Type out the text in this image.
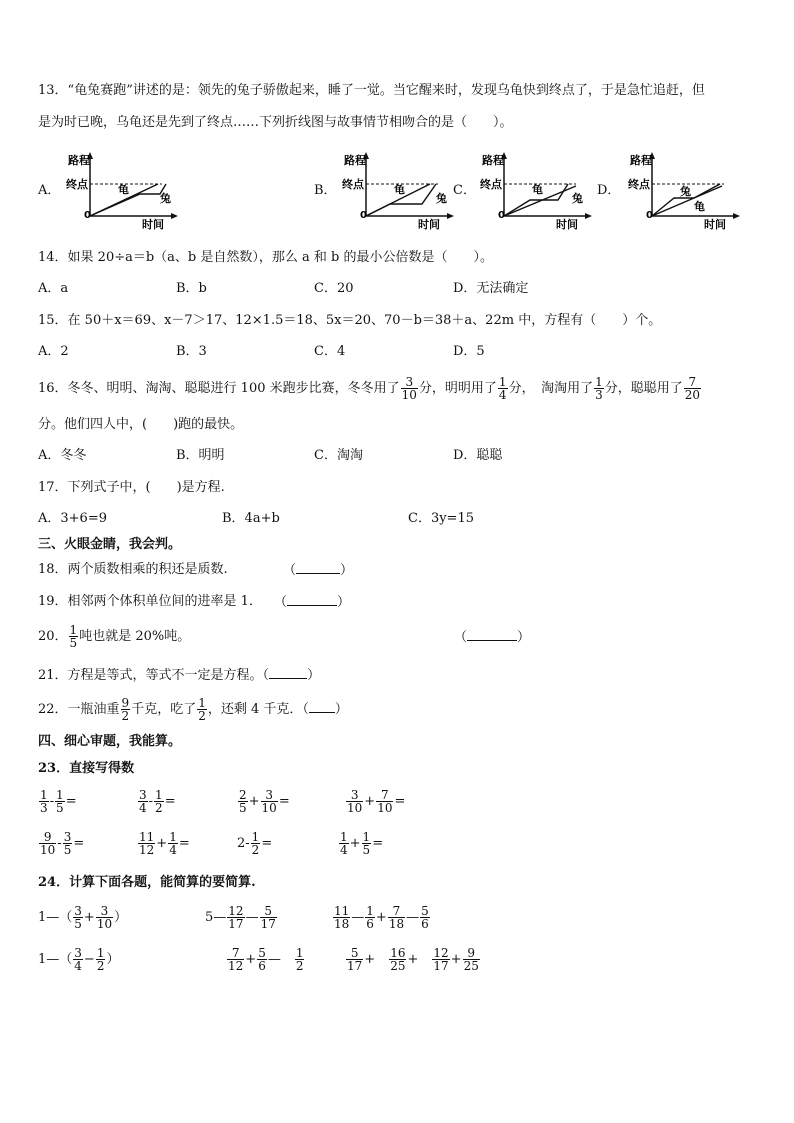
13．“龟兔赛跑”讲述的是：领先的兔子骄傲起来，睡了一觉。当它醒来时，发现乌龟快到终点了，于是急忙追赶，但
是为时已晚，乌龟还是先到了终点……下列折线图与故事情节相吻合的是（　　）。
A．
路程
终点	龟
兔
0
时间
B．
路程
终点	龟
兔
0
时间
C．
路程
终点	龟
兔
0
时间
D．
路程
终点
兔
龟
0
时间
14．如果 20÷a＝b（a、b 是自然数），那么 a 和 b 的最小公倍数是（　　）。
A．a	B．b	C．20	D．无法确定
15．在 50＋x＝69、x－7＞17、12×1.5＝18、5x＝20、70－b＝38＋a、22m 中，方程有（　　）个。
A．2	B．3	C．4	D．5
16．冬冬、明明、淘淘、聪聪进行 100 米跑步比赛，冬冬用了 $\frac{3}{10}$ 分，明明用了 $\frac{1}{4}$ 分，　淘淘用了 $\frac{1}{3}$ 分，聪聪用了 $\frac{7}{20}$
分。他们四人中，(　　)跑的最快。
A．冬冬	B．明明	C．淘淘	D．聪聪
17．下列式子中，(　　)是方程.
A．3+6=9	B．4a+b	C．3y=15
三、火眼金睛，我会判。
18．两个质数相乘的积还是质数.	（	）
19．相邻两个体积单位间的进率是 1． （	）
20． $\frac{1}{5}$ 吨也就是 20%吨。	（	）
21．方程是等式，等式不一定是方程。（	）
22．一瓶油重 $\frac{9}{2}$ 千克，吃了 $\frac{1}{2}$ ，还剩 4 千克．（ ）
四、细心审题，我能算。
23．直接写得数
$\frac{1}{3} - \frac{1}{5}$ =	$\frac{3}{4} - \frac{1}{2}$ =	$\frac{2}{5} + \frac{3}{10}$ =	$\frac{3}{10} + \frac{7}{10}$ =
$\frac{9}{10} - \frac{3}{5}$ =	$\frac{11}{12} + \frac{1}{4}$ =	$2- \frac{1}{2}$ =	$\frac{1}{4} + \frac{1}{5}$ =
24．计算下面各题，能简算的要简算.
1—（ $\frac{3}{5} + \frac{3}{10}$ ）	5— $\frac{12}{17}$ — $\frac{5}{17}$	$\frac{11}{18}$ — $\frac{1}{6} + \frac{7}{18}$ — $\frac{5}{6}$
1—（ $\frac{3}{4} - \frac{1}{2}$ ）	$\frac{7}{12} + \frac{5}{6}$ —　 $\frac{1}{2}$	$\frac{5}{17}$ +　 $\frac{16}{25}$ +　 $\frac{12}{17} + \frac{9}{25}$
